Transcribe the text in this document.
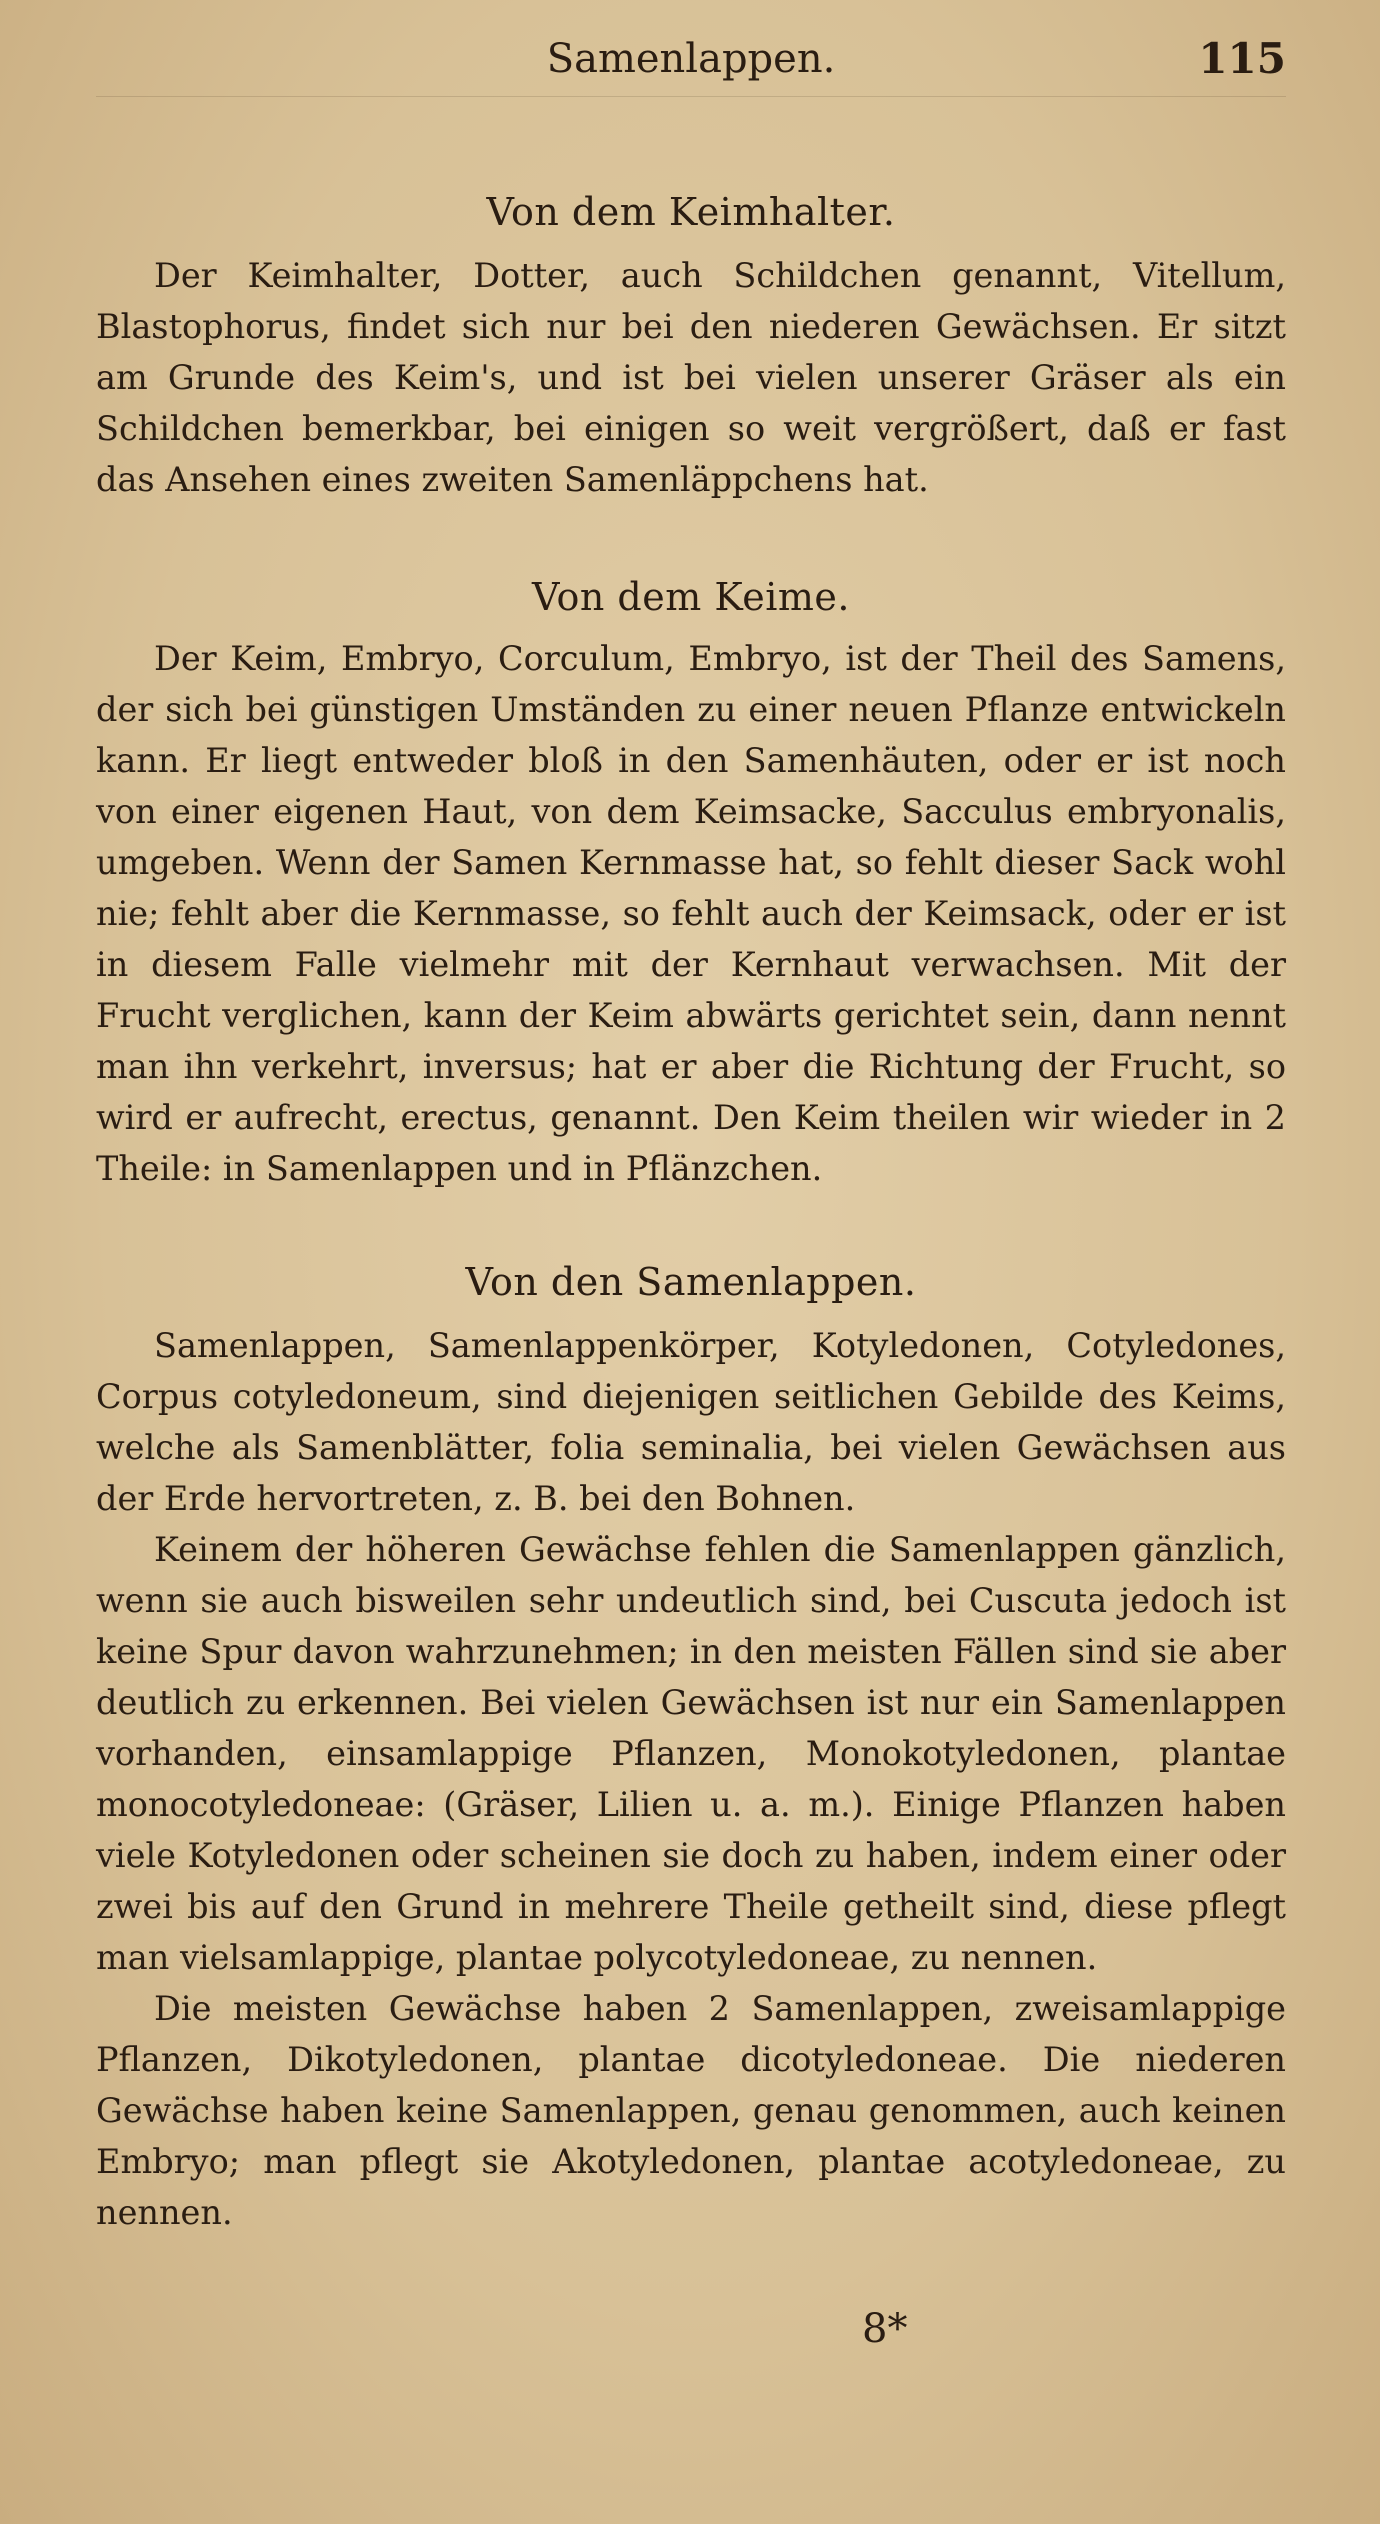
Samenlappen.	115
Von dem Keimhalter.

Der Keimhalter, Dotter, auch Schildchen genannt, Vitellum, Blastophorus, findet sich nur bei den niederen Gewächsen. Er sitzt am Grunde des Keim's, und ist bei vielen unserer Gräser als ein Schildchen bemerkbar, bei einigen so weit vergrößert, daß er fast das Ansehen eines zweiten Samenläppchens hat.

Von dem Keime.

Der Keim, Embryo, Corculum, Embryo, ist der Theil des Samens, der sich bei günstigen Umständen zu einer neuen Pflanze entwickeln kann. Er liegt entweder bloß in den Samenhäuten, oder er ist noch von einer eigenen Haut, von dem Keimsacke, Sacculus embryonalis, umgeben. Wenn der Samen Kernmasse hat, so fehlt dieser Sack wohl nie; fehlt aber die Kernmasse, so fehlt auch der Keimsack, oder er ist in diesem Falle vielmehr mit der Kernhaut verwachsen. Mit der Frucht verglichen, kann der Keim abwärts gerichtet sein, dann nennt man ihn verkehrt, inversus; hat er aber die Richtung der Frucht, so wird er aufrecht, erectus, genannt. Den Keim theilen wir wieder in 2 Theile: in Samenlappen und in Pflänzchen.

Von den Samenlappen.

Samenlappen, Samenlappenkörper, Kotyledonen, Cotyledones, Corpus cotyledoneum, sind diejenigen seitlichen Gebilde des Keims, welche als Samenblätter, folia seminalia, bei vielen Gewächsen aus der Erde hervortreten, z. B. bei den Bohnen.

Keinem der höheren Gewächse fehlen die Samenlappen gänzlich, wenn sie auch bisweilen sehr undeutlich sind, bei Cuscuta jedoch ist keine Spur davon wahrzunehmen; in den meisten Fällen sind sie aber deutlich zu erkennen. Bei vielen Gewächsen ist nur ein Samenlappen vorhanden, einsamlappige Pflanzen, Monokotyledonen, plantae monocotyledoneae: (Gräser, Lilien u. a. m.). Einige Pflanzen haben viele Kotyledonen oder scheinen sie doch zu haben, indem einer oder zwei bis auf den Grund in mehrere Theile getheilt sind, diese pflegt man vielsamlappige, plantae polycotyledoneae, zu nennen.

Die meisten Gewächse haben 2 Samenlappen, zweisamlappige Pflanzen, Dikotyledonen, plantae dicotyledoneae. Die niederen Gewächse haben keine Samenlappen, genau genommen, auch keinen Embryo; man pflegt sie Akotyledonen, plantae acotyledoneae, zu nennen.

8*
